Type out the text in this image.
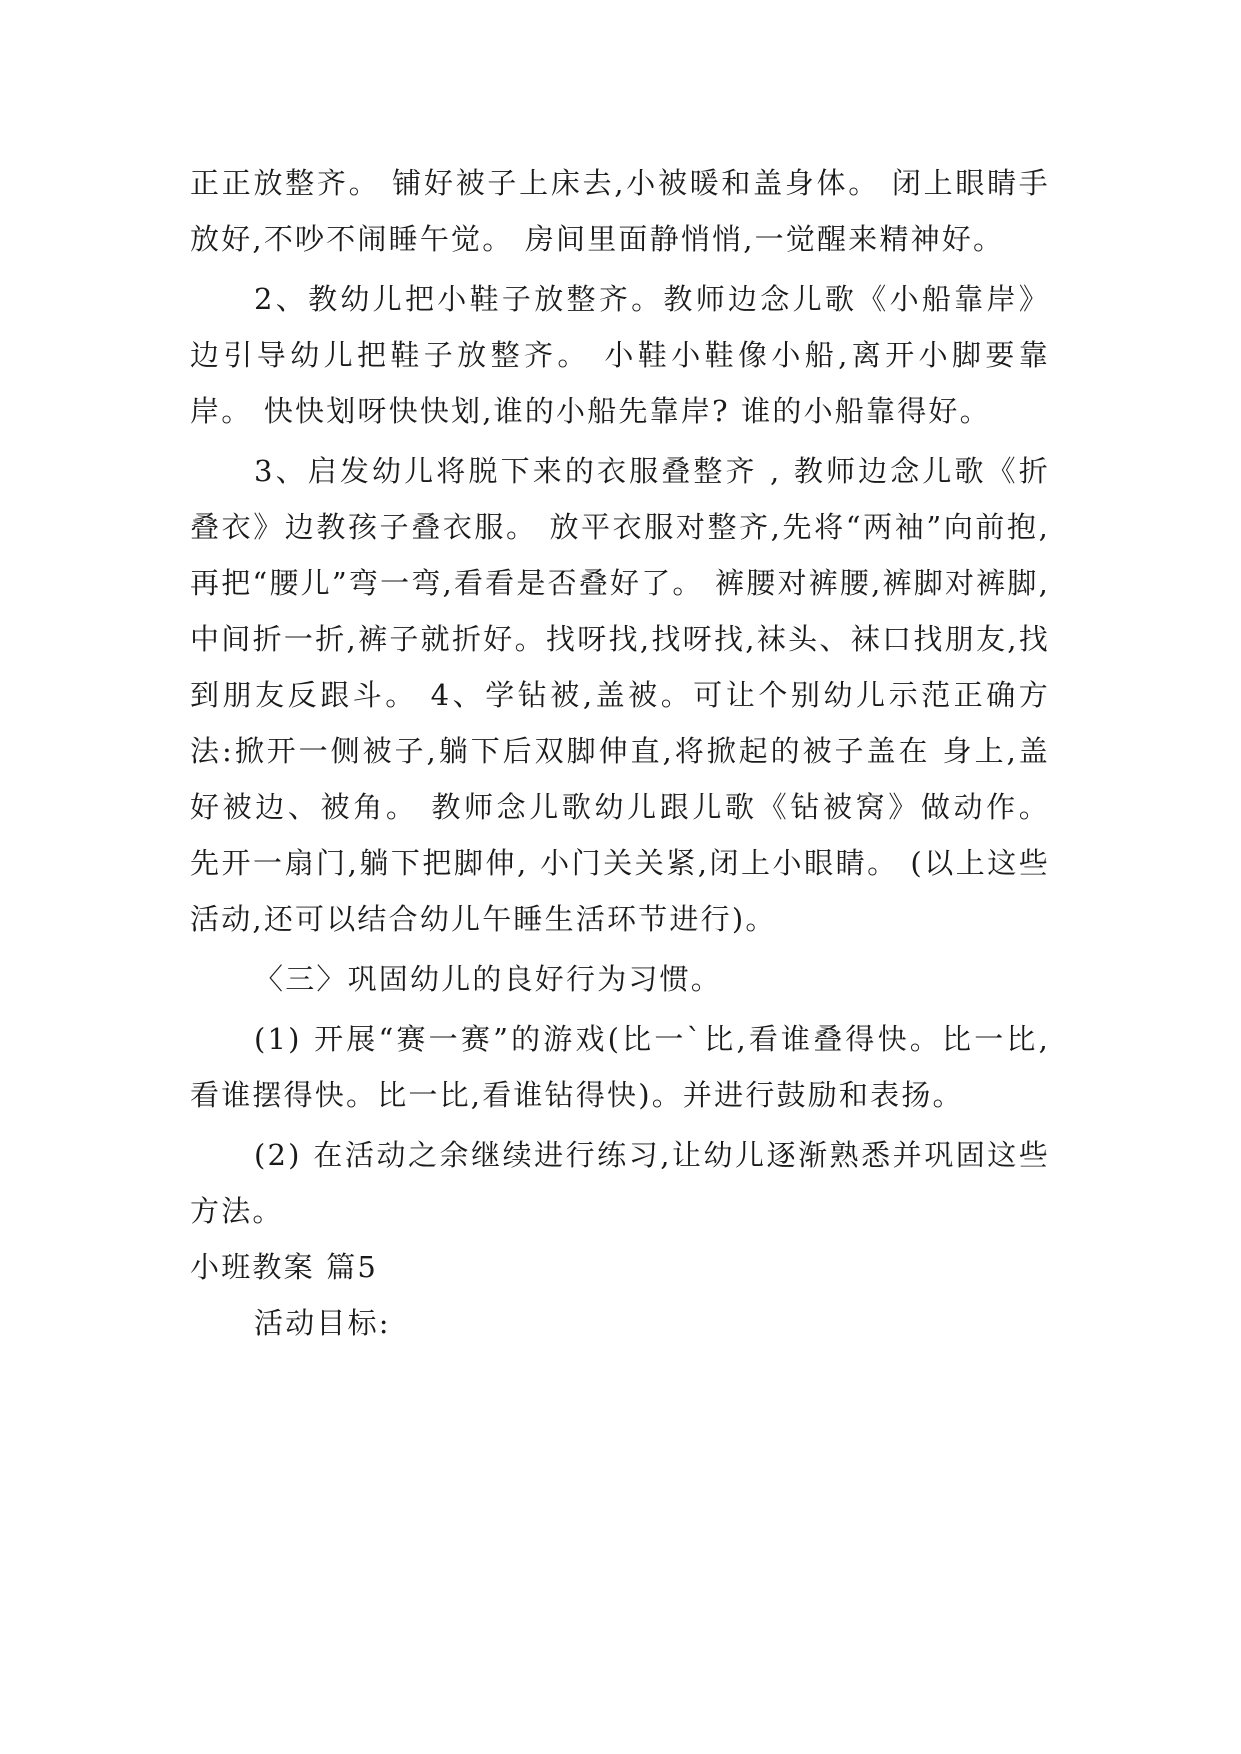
正正放整齐。 铺好被子上床去,小被暖和盖身体。 闭上眼睛手放好,不吵不闹睡午觉。 房间里面静悄悄,一觉醒来精神好。

2、教幼儿把小鞋子放整齐。教师边念儿歌《小船靠岸》边引导幼儿把鞋子放整齐。 小鞋小鞋像小船,离开小脚要靠岸。 快快划呀快快划,谁的小船先靠岸? 谁的小船靠得好。

3、启发幼儿将脱下来的衣服叠整齐 , 教师边念儿歌《折叠衣》边教孩子叠衣服。 放平衣服对整齐,先将“两袖”向前抱, 再把“腰儿”弯一弯,看看是否叠好了。 裤腰对裤腰,裤脚对裤脚, 中间折一折,裤子就折好。找呀找,找呀找,袜头、袜口找朋友,找到朋友反跟斗。 4、学钻被,盖被。可让个别幼儿示范正确方法:掀开一侧被子,躺下后双脚伸直,将掀起的被子盖在 身上,盖好被边、被角。 教师念儿歌幼儿跟儿歌《钻被窝》做动作。 先开一扇门,躺下把脚伸, 小门关关紧,闭上小眼睛。 (以上这些活动,还可以结合幼儿午睡生活环节进行)。

〈三〉巩固幼儿的良好行为习惯。

(1) 开展“赛一赛”的游戏(比一`比,看谁叠得快。比一比,看谁摆得快。比一比,看谁钻得快)。并进行鼓励和表扬。

(2) 在活动之余继续进行练习,让幼儿逐渐熟悉并巩固这些方法。

小班教案 篇5

活动目标:
